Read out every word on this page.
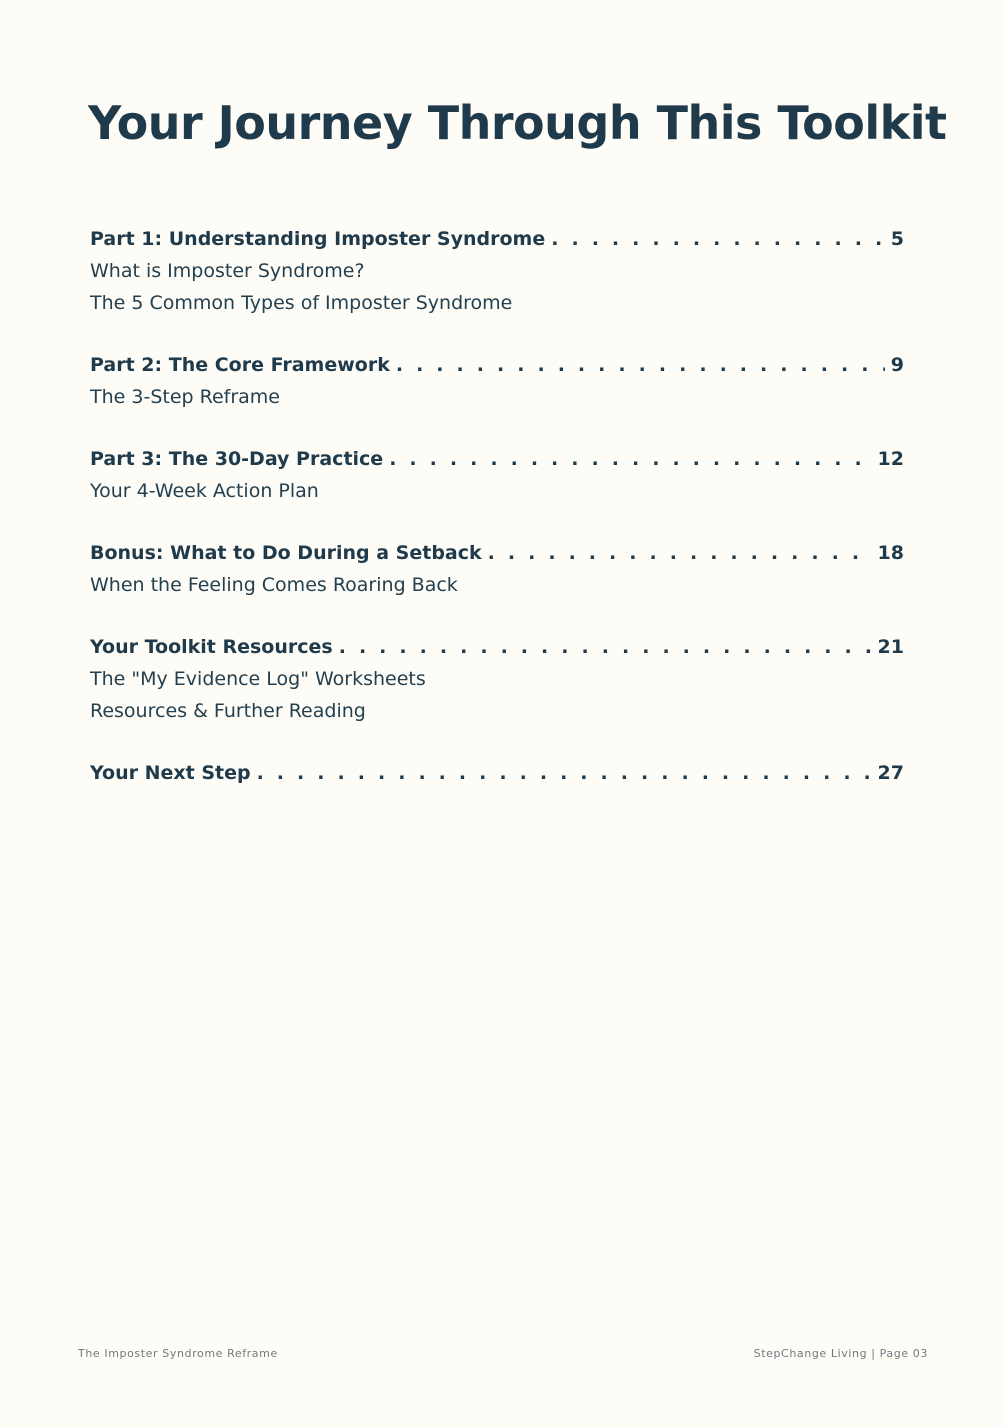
Your Journey Through This Toolkit
Part 1: Understanding Imposter Syndrome . . .	5
What is Imposter Syndrome?
The 5 Common Types of Imposter Syndrome
Part 2: The Core Framework . . .	9
The 3-Step Reframe
Part 3: The 30-Day Practice . . .	12
Your 4-Week Action Plan
Bonus: What to Do During a Setback . . .	18
When the Feeling Comes Roaring Back
Your Toolkit Resources . . .	21
The "My Evidence Log" Worksheets
Resources & Further Reading
Your Next Step . . .	27
The Imposter Syndrome Reframe	StepChange Living | Page 03
